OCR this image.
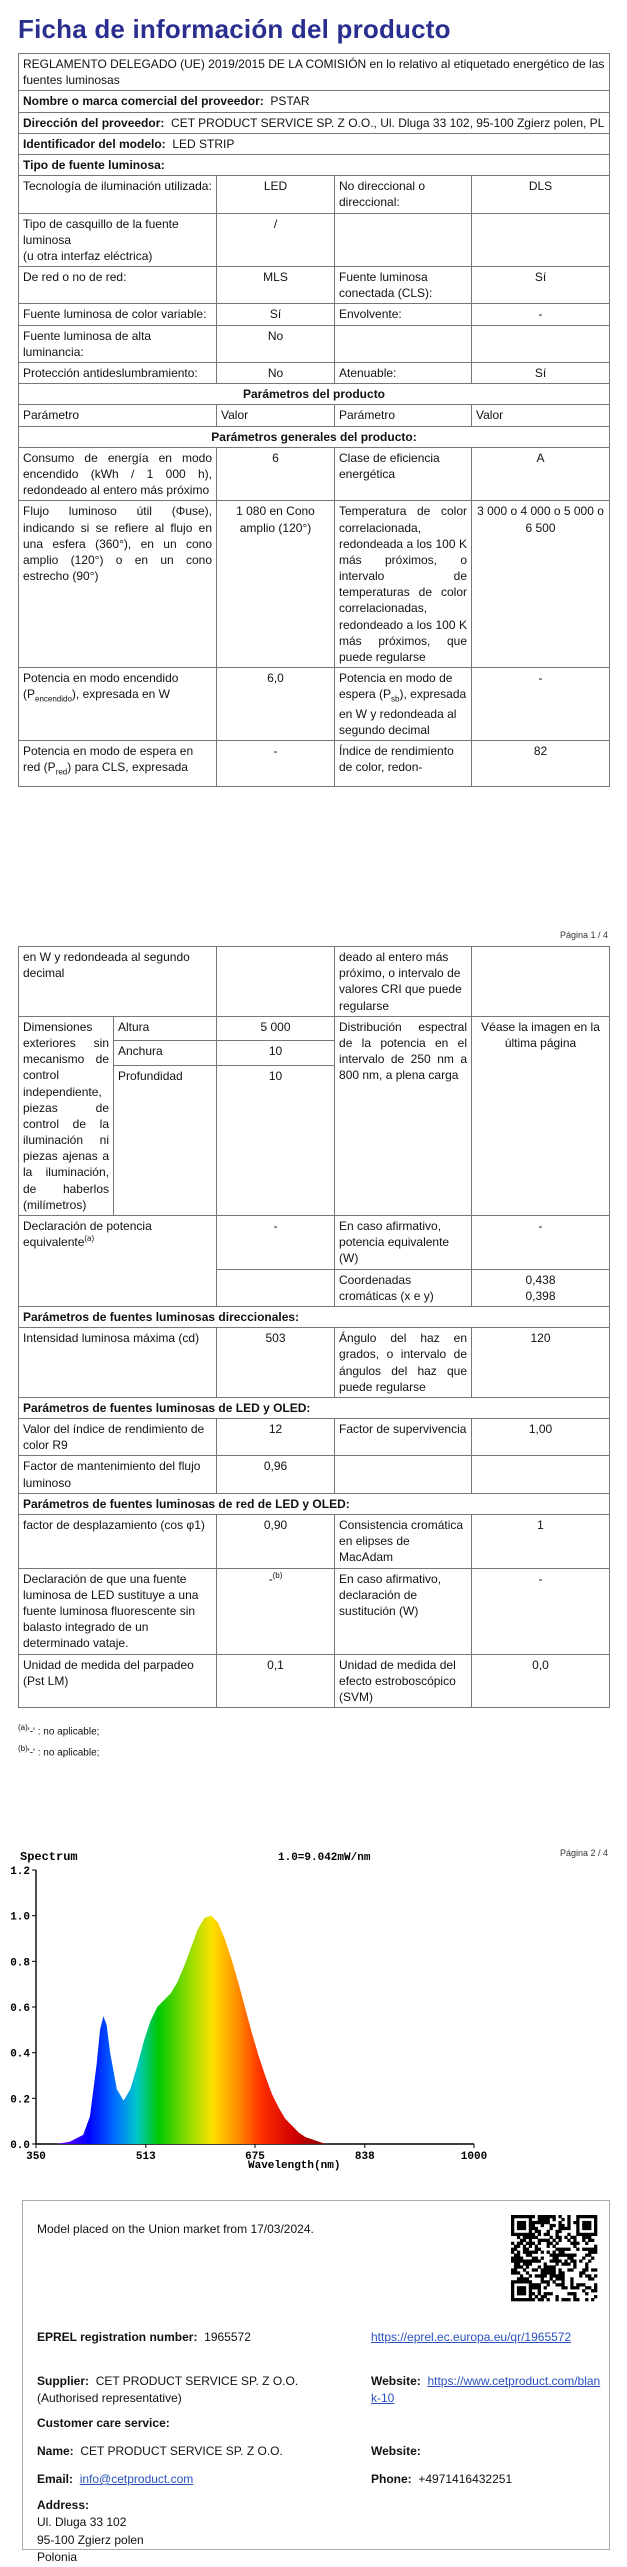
Ficha de información del producto
REGLAMENTO DELEGADO (UE) 2019/2015 DE LA COMISIÓN en lo relativo al etiquetado energético de las fuentes luminosas			
Nombre o marca comercial del proveedor: PSTAR			
Dirección del proveedor: CET PRODUCT SERVICE SP. Z O.O., Ul. Dluga 33 102, 95-100 Zgierz polen, PL			
Identificador del modelo: LED STRIP			
Tipo de fuente luminosa:			
Tecnología de iluminación utilizada:	LED	No direccional o direccional:	DLS
Tipo de casquillo de la fuente luminosa
(u otra interfaz eléctrica)	/		
De red o no de red:	MLS	Fuente luminosa conectada (CLS):	Sí
Fuente luminosa de color variable:	Sí	Envolvente:	-
Fuente luminosa de alta luminancia:	No		
Protección antideslumbramiento:	No	Atenuable:	Sí
Parámetros del producto			
Parámetro	Valor	Parámetro	Valor
Parámetros generales del producto:			
Consumo de energía en modo encendido (kWh / 1 000 h), redondeado al entero más próximo	6	Clase de eficiencia energética	A
Flujo luminoso útil (Φuse), indicando si se refiere al flujo en una esfera (360°), en un cono amplio (120°) o en un cono estrecho (90°)	1 080 en Cono amplio (120°)	Temperatura de color correlacionada, redondeada a los 100 K más próximos, o intervalo de temperaturas de color correlacionadas, redondeado a los 100 K más próximos, que puede regularse	3 000 o 4 000 o 5 000 o 6 500
Potencia en modo encendido $(P_{encendido})$, expresada en W	6,0	Potencia en modo de espera $(P_{sb})$, expresada en W y redondeada al segundo decimal	-
Potencia en modo de espera en red $(P_{red})$ para CLS, expresada	-	Índice de rendimiento de color, redon-	82
Página 1 / 4
en W y redondeada al segundo decimal			deado al entero más próximo, o intervalo de valores CRI que puede regularse	
Dimensiones exteriores sin mecanismo de control independiente, piezas de control de la iluminación ni piezas ajenas a la iluminación, de haberlos (milímetros)	Altura	5 000	Distribución espectral de la potencia en el intervalo de 250 nm a 800 nm, a plena carga	Véase la imagen en la última página
	Anchura	10		
	Profundidad	10		
Declaración de potencia equivalente$^{(a)}$		-	En caso afirmativo, potencia equivalente (W)	-
			Coordenadas cromáticas (x e y)	0,438
0,398
Parámetros de fuentes luminosas direccionales:				
Intensidad luminosa máxima (cd)		503	Ángulo del haz en grados, o intervalo de ángulos del haz que puede regularse	120
Parámetros de fuentes luminosas de LED y OLED:				
Valor del índice de rendimiento de color R9		12	Factor de supervivencia	1,00
Factor de mantenimiento del flujo luminoso		0,96		
Parámetros de fuentes luminosas de red de LED y OLED:				
factor de desplazamiento (cos φ1)		0,90	Consistencia cromática en elipses de MacAdam	1
Declaración de que una fuente luminosa de LED sustituye a una fuente luminosa fluorescente sin balasto integrado de un determinado vataje.		-$^{(b)}$	En caso afirmativo, declaración de sustitución (W)	-
Unidad de medida del parpadeo (Pst LM)		0,1	Unidad de medida del efecto estroboscópico (SVM)	0,0
$^{(a)}$'-' : no aplicable;
$^{(b)}$'-' : no aplicable;
Página 2 / 4
Spectrum	1.0=9.042mW/nm
0.0
0.2
0.4
0.6
0.8
1.0
1.2
350	513	675	838	1000
Wavelength(nm)
Model placed on the Union market from 17/03/2024.
EPREL registration number: 1965572	https://eprel.ec.europa.eu/qr/1965572
Supplier: CET PRODUCT SERVICE SP. Z O.O. (Authorised representative)
Website: https://www.cetproduct.com/blank-10
Customer care service:
Name: CET PRODUCT SERVICE SP. Z O.O.	Website:
Email: info@cetproduct.com	Phone: +4971416432251
Address:
Ul. Dluga 33 102
95-100 Zgierz polen
Polonia
